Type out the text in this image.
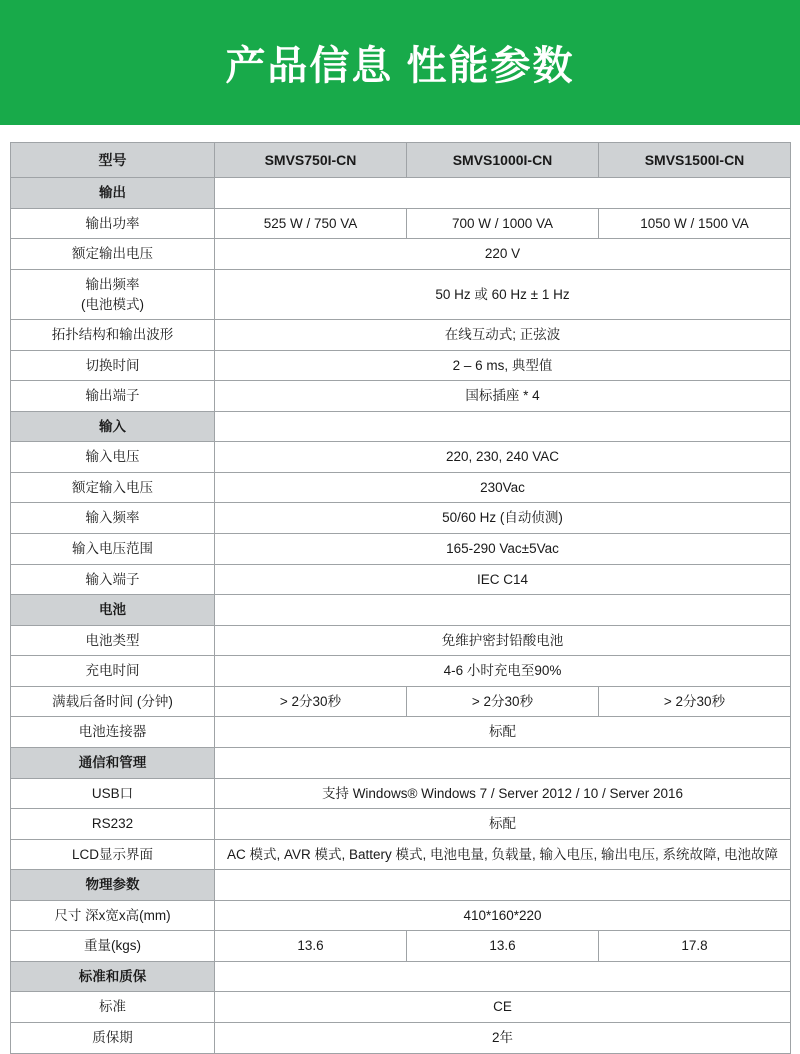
产品信息 性能参数
型号	SMVS750I-CN	SMVS1000I-CN	SMVS1500I-CN
输出			

输出功率	525 W / 750 VA	700 W / 1000 VA	1050 W / 1500 VA

额定输出电压	220 V		

输出频率
(电池模式)	50 Hz 或 60 Hz ± 1 Hz		

拓扑结构和输出波形	在线互动式; 正弦波		

切换时间	2 – 6 ms, 典型值		

输出端子	国标插座 * 4		
输入			

输入电压	220, 230, 240 VAC		

额定输入电压	230Vac		

输入频率	50/60 Hz (自动侦测)		

输入电压范围	165-290 Vac±5Vac		

输入端子	IEC C14		
电池			

电池类型	免维护密封铅酸电池		

充电时间	4-6 小时充电至90%		

满载后备时间 (分钟)	> 2分30秒	> 2分30秒	> 2分30秒

电池连接器	标配		
通信和管理			

USB口	支持 Windows® Windows 7 / Server 2012 / 10 / Server 2016		

RS232	标配		

LCD显示界面	AC 模式, AVR 模式, Battery 模式, 电池电量, 负载量, 输入电压, 输出电压, 系统故障, 电池故障		
物理参数			

尺寸 深x宽x高(mm)	410*160*220		

重量(kgs)	13.6	13.6	17.8
标准和质保			

标准	CE		

质保期	2年		
